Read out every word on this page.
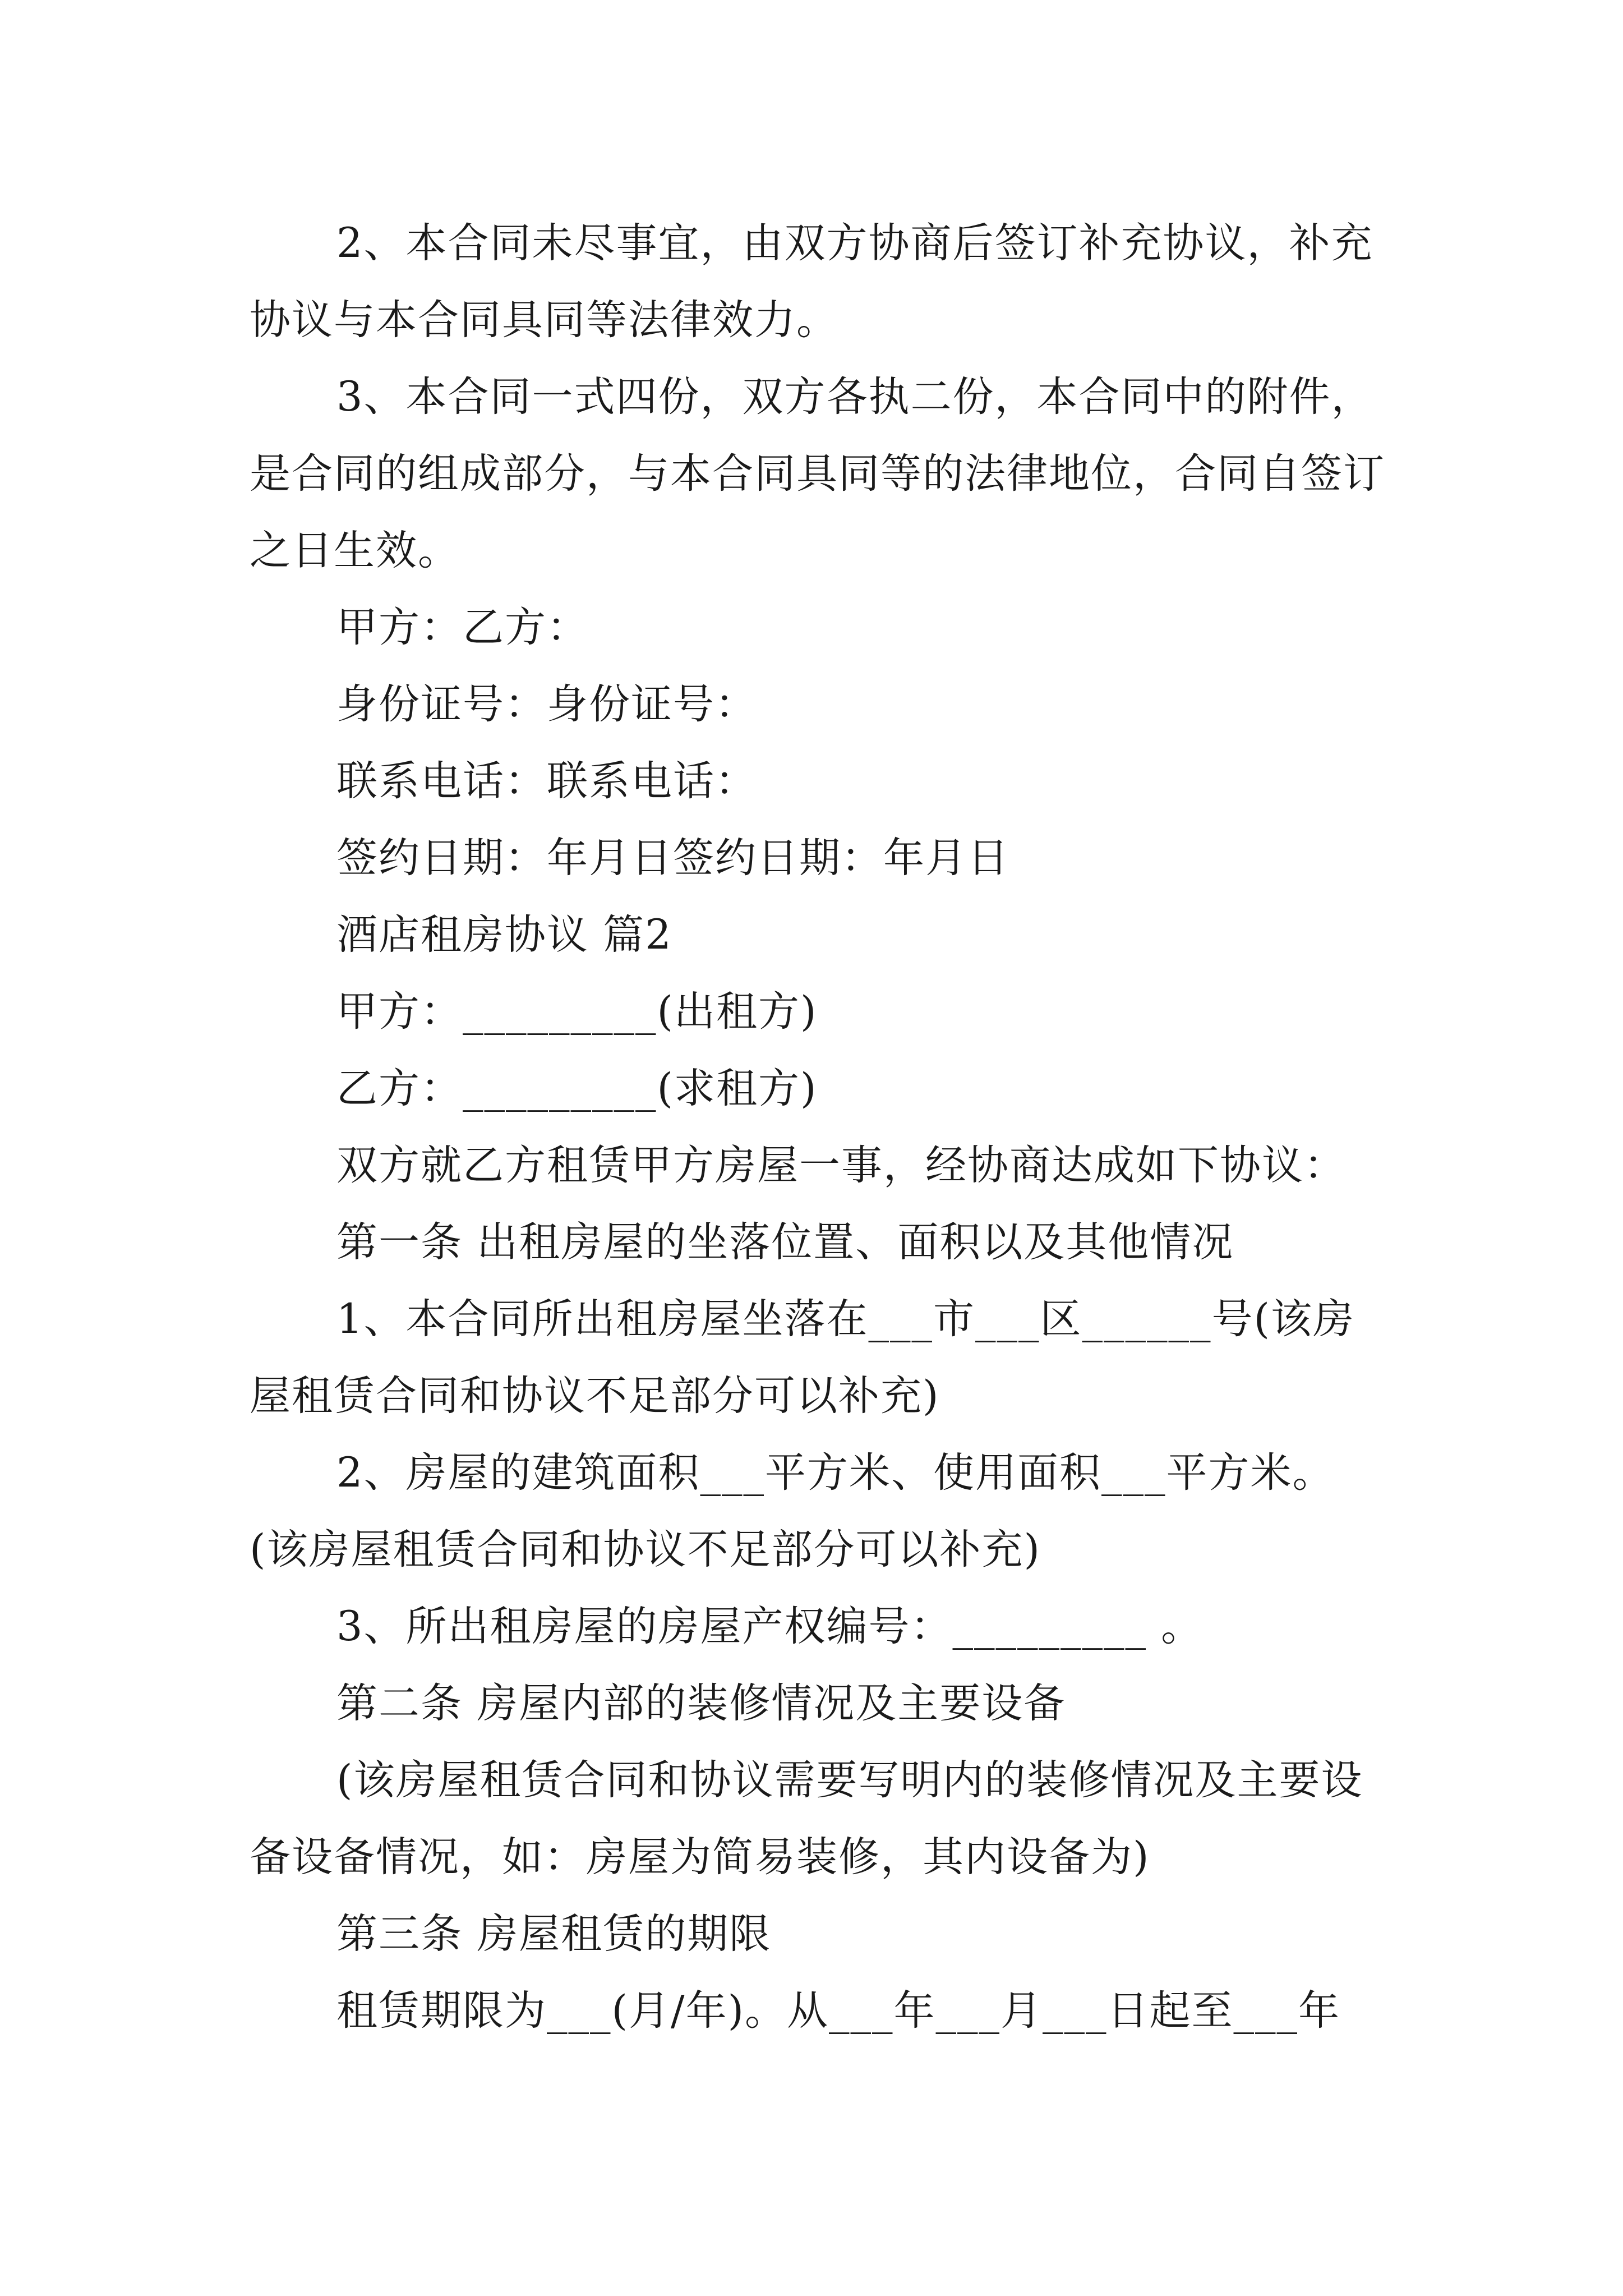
2、本合同未尽事宜，由双方协商后签订补充协议，补充协议与本合同具同等法律效力。

3、本合同一式四份，双方各执二份，本合同中的附件，是合同的组成部分，与本合同具同等的法律地位，合同自签订之日生效。

甲方：乙方：

身份证号：身份证号：

联系电话：联系电话：

签约日期：年月日签约日期：年月日

酒店租房协议 篇2

甲方：_________(出租方)

乙方：_________(求租方)

双方就乙方租赁甲方房屋一事，经协商达成如下协议：

第一条 出租房屋的坐落位置、面积以及其他情况

1、本合同所出租房屋坐落在___市___区______号(该房屋租赁合同和协议不足部分可以补充)

2、房屋的建筑面积___平方米、使用面积___平方米。(该房屋租赁合同和协议不足部分可以补充)

3、所出租房屋的房屋产权编号：_________ 。

第二条 房屋内部的装修情况及主要设备

(该房屋租赁合同和协议需要写明内的装修情况及主要设备设备情况，如：房屋为简易装修，其内设备为)

第三条 房屋租赁的期限

租赁期限为___(月/年)。从___年___月___日起至___年
